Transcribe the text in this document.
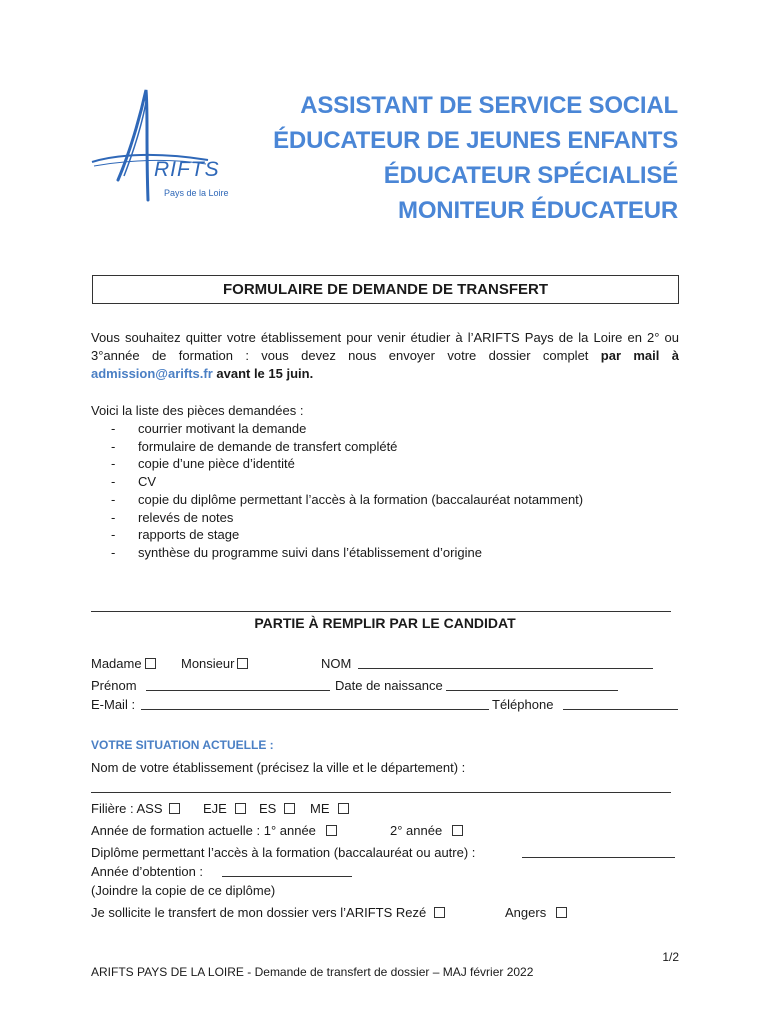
RIFTS
Pays de la Loire
ASSISTANT DE SERVICE SOCIAL
ÉDUCATEUR DE JEUNES ENFANTS
ÉDUCATEUR SPÉCIALISÉ
MONITEUR ÉDUCATEUR
FORMULAIRE DE DEMANDE DE TRANSFERT
Vous souhaitez quitter votre établissement pour venir étudier à l’ARIFTS Pays de la Loire en 2° ou 3°année de formation : vous devez nous envoyer votre dossier complet par mail à admission@arifts.fr avant le 15 juin.
Voici la liste des pièces demandées :
- courrier motivant la demande
- formulaire de demande de transfert complété
- copie d’une pièce d’identité
- CV
- copie du diplôme permettant l’accès à la formation (baccalauréat notamment)
- relevés de notes
- rapports de stage
- synthèse du programme suivi dans l’établissement d’origine
PARTIE À REMPLIR PAR LE CANDIDAT
Madame	Monsieur	NOM
Prénom	Date de naissance
E-Mail :	Téléphone
VOTRE SITUATION ACTUELLE :
Nom de votre établissement (précisez la ville et le département) :
Filière : ASS	EJE	ES	ME
Année de formation actuelle : 1° année	2° année
Diplôme permettant l’accès à la formation (baccalauréat ou autre) :
Année d’obtention :
(Joindre la copie de ce diplôme)
Je sollicite le transfert de mon dossier vers l’ARIFTS Rezé	Angers
1/2
ARIFTS PAYS DE LA LOIRE - Demande de transfert de dossier – MAJ février 2022
